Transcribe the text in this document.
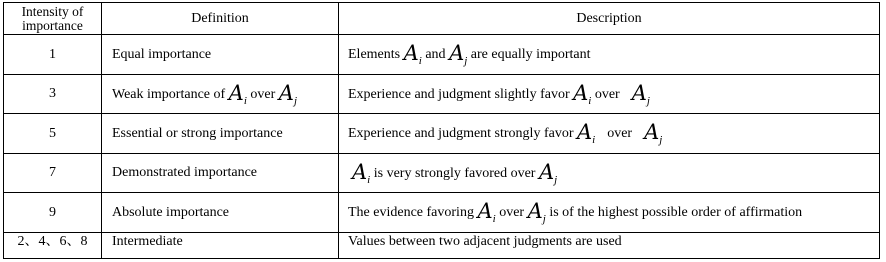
Intensity of
importance	Definition	Description
1	Equal importance	Elements $A_i$ and $A_j$ are equally important
3	Weak importance of $A_i$ over $A_j$	Experience and judgment slightly favor $A_i$ over $A_j$
5	Essential or strong importance	Experience and judgment strongly favor $A_i$ over $A_j$
7	Demonstrated importance	$A_i$ is very strongly favored over $A_j$
9	Absolute importance	The evidence favoring $A_i$ over $A_j$ is of the highest possible order of affirmation
2、4、6、8	Intermediate	Values between two adjacent judgments are used
